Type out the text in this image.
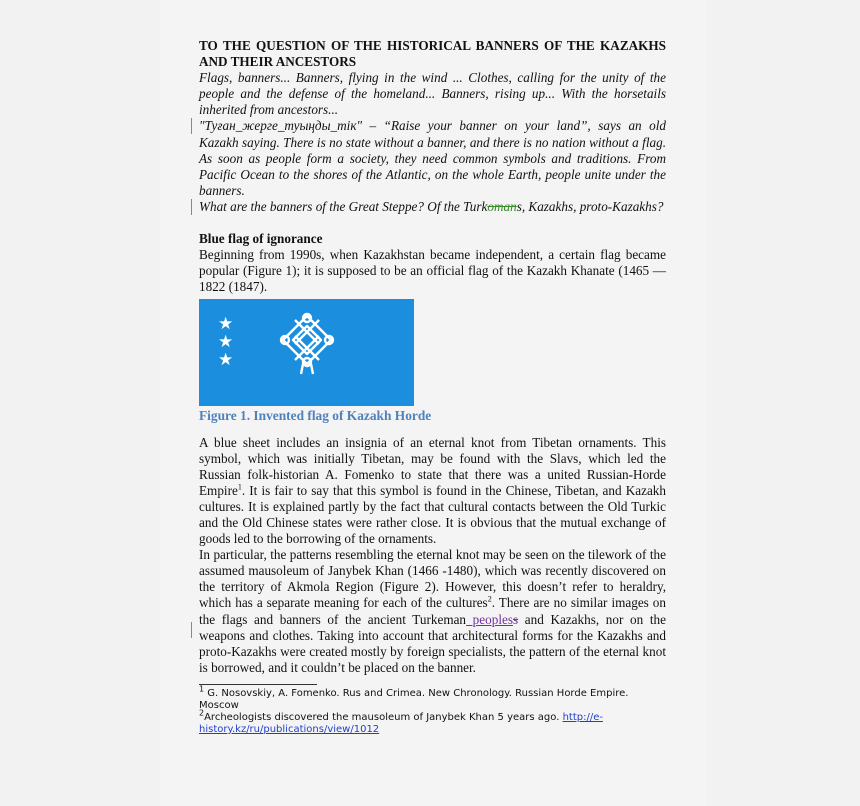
TO THE QUESTION OF THE HISTORICAL BANNERS OF THE KAZAKHS AND THEIR ANCESTORS

Flags, banners... Banners, flying in the wind ... Clothes, calling for the unity of the people and the defense of the homeland... Banners, rising up... With the horsetails inherited from ancestors...

"Туған_жерге_туыңды_тік" – “Raise your banner on your land”, says an old Kazakh saying. There is no state without a banner, and there is no nation without a flag. As soon as people form a society, they need common symbols and traditions. From Pacific Ocean to the shores of the Atlantic, on the whole Earth, people unite under the banners.

What are the banners of the Great Steppe? Of the Turkomans, Kazakhs, proto-Kazakhs?

Blue flag of ignorance

Beginning from 1990s, when Kazakhstan became independent, a certain flag became popular (Figure 1); it is supposed to be an official flag of the Kazakh Khanate (1465 — 1822 (1847).

★
★
★

Figure 1. Invented flag of Kazakh Horde

A blue sheet includes an insignia of an eternal knot from Tibetan ornaments. This symbol, which was initially Tibetan, may be found with the Slavs, which led the Russian folk-historian A. Fomenko to state that there was a united Russian-Horde Empire$^1$. It is fair to say that this symbol is found in the Chinese, Tibetan, and Kazakh cultures. It is explained partly by the fact that cultural contacts between the Old Turkic and the Old Chinese states were rather close. It is obvious that the mutual exchange of goods led to the borrowing of the ornaments.

In particular, the patterns resembling the eternal knot may be seen on the tilework of the assumed mausoleum of Janybek Khan (1466 -1480), which was recently discovered on the territory of Akmola Region (Figure 2). However, this doesn’t refer to heraldry, which has a separate meaning for each of the cultures$^2$. There are no similar images on the flags and banners of the ancient Turkeman peopless and Kazakhs, nor on the weapons and clothes. Taking into account that architectural forms for the Kazakhs and proto-Kazakhs were created mostly by foreign specialists, the pattern of the eternal knot is borrowed, and it couldn’t be placed on the banner.

$^1$ G. Nosovskiy, A. Fomenko. Rus and Crimea. New Chronology. Russian Horde Empire. Moscow

$^2$Archeologists discovered the mausoleum of Janybek Khan 5 years ago. http://e-history.kz/ru/publications/view/1012
